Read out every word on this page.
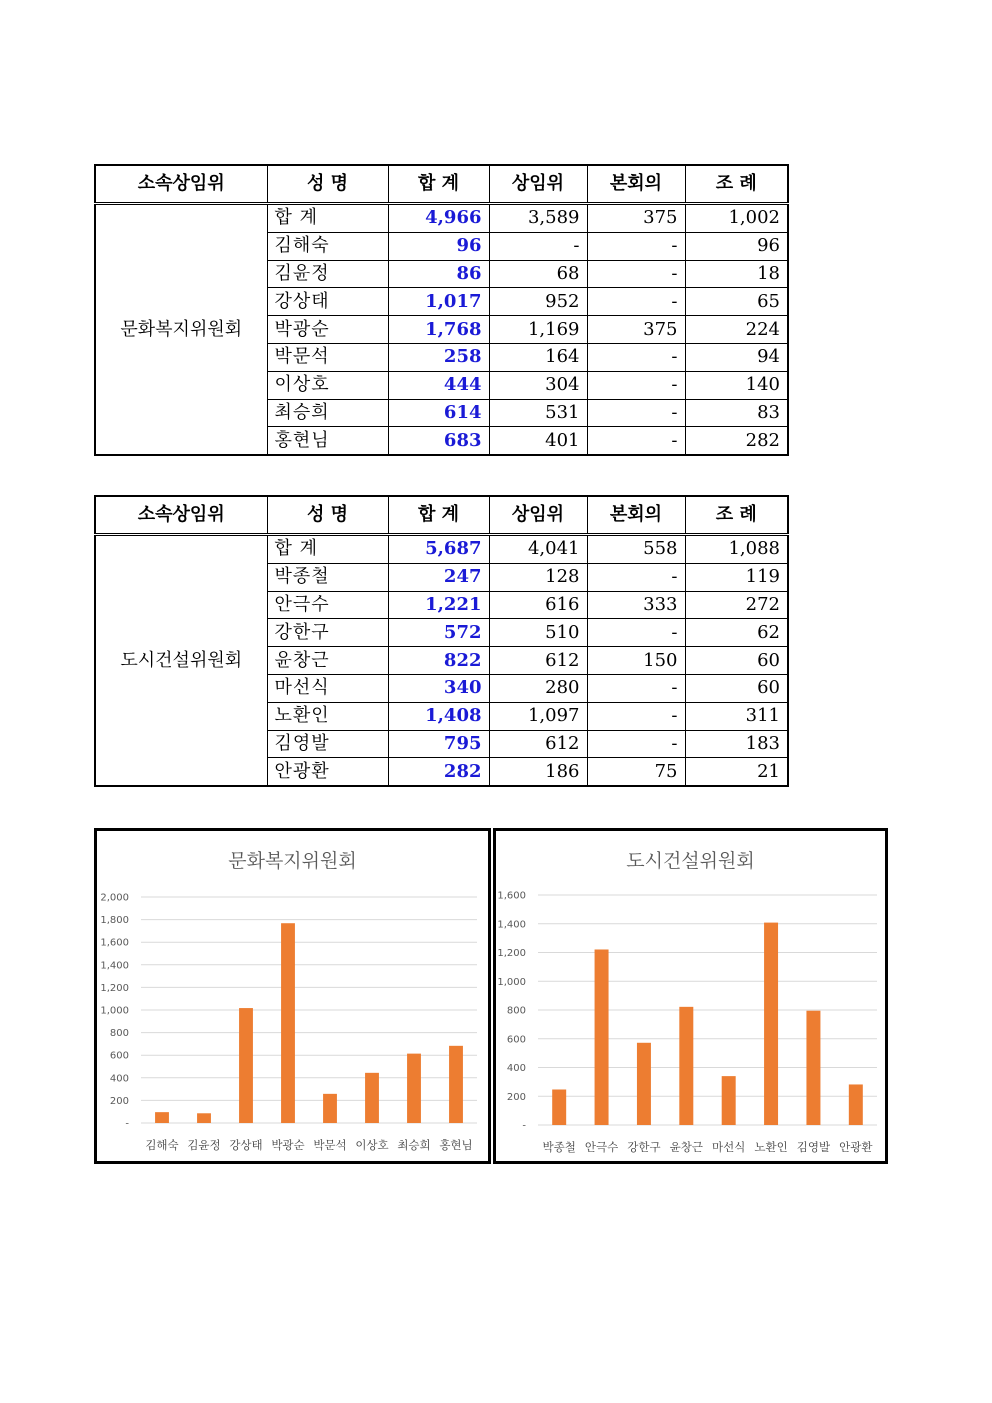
소속상임위	성 명	합 계	상임위	본회의	조 례
문화복지위원회	합 계	4,966	3,589	375	1,002
	김해숙	96	-	-	96
	김윤정	86	68	-	18
	강상태	1,017	952	-	65
	박광순	1,768	1,169	375	224
	박문석	258	164	-	94
	이상호	444	304	-	140
	최승희	614	531	-	83
	홍현님	683	401	-	282
소속상임위	성 명	합 계	상임위	본회의	조 례
도시건설위원회	합 계	5,687	4,041	558	1,088
	박종철	247	128	-	119
	안극수	1,221	616	333	272
	강한구	572	510	-	62
	윤창근	822	612	150	60
	마선식	340	280	-	60
	노환인	1,408	1,097	-	311
	김영발	795	612	-	183
	안광환	282	186	75	21
문화복지위원회
-
200
400
600
800
1,000
1,200
1,400
1,600
1,800
2,000
김해숙 김윤정 강상태 박광순 박문석 이상호 최승희 홍현님
도시건설위원회
-
200
400
600
800
1,000
1,200
1,400
1,600
박종철 안극수 강한구 윤창근 마선식 노환인 김영발 안광환
